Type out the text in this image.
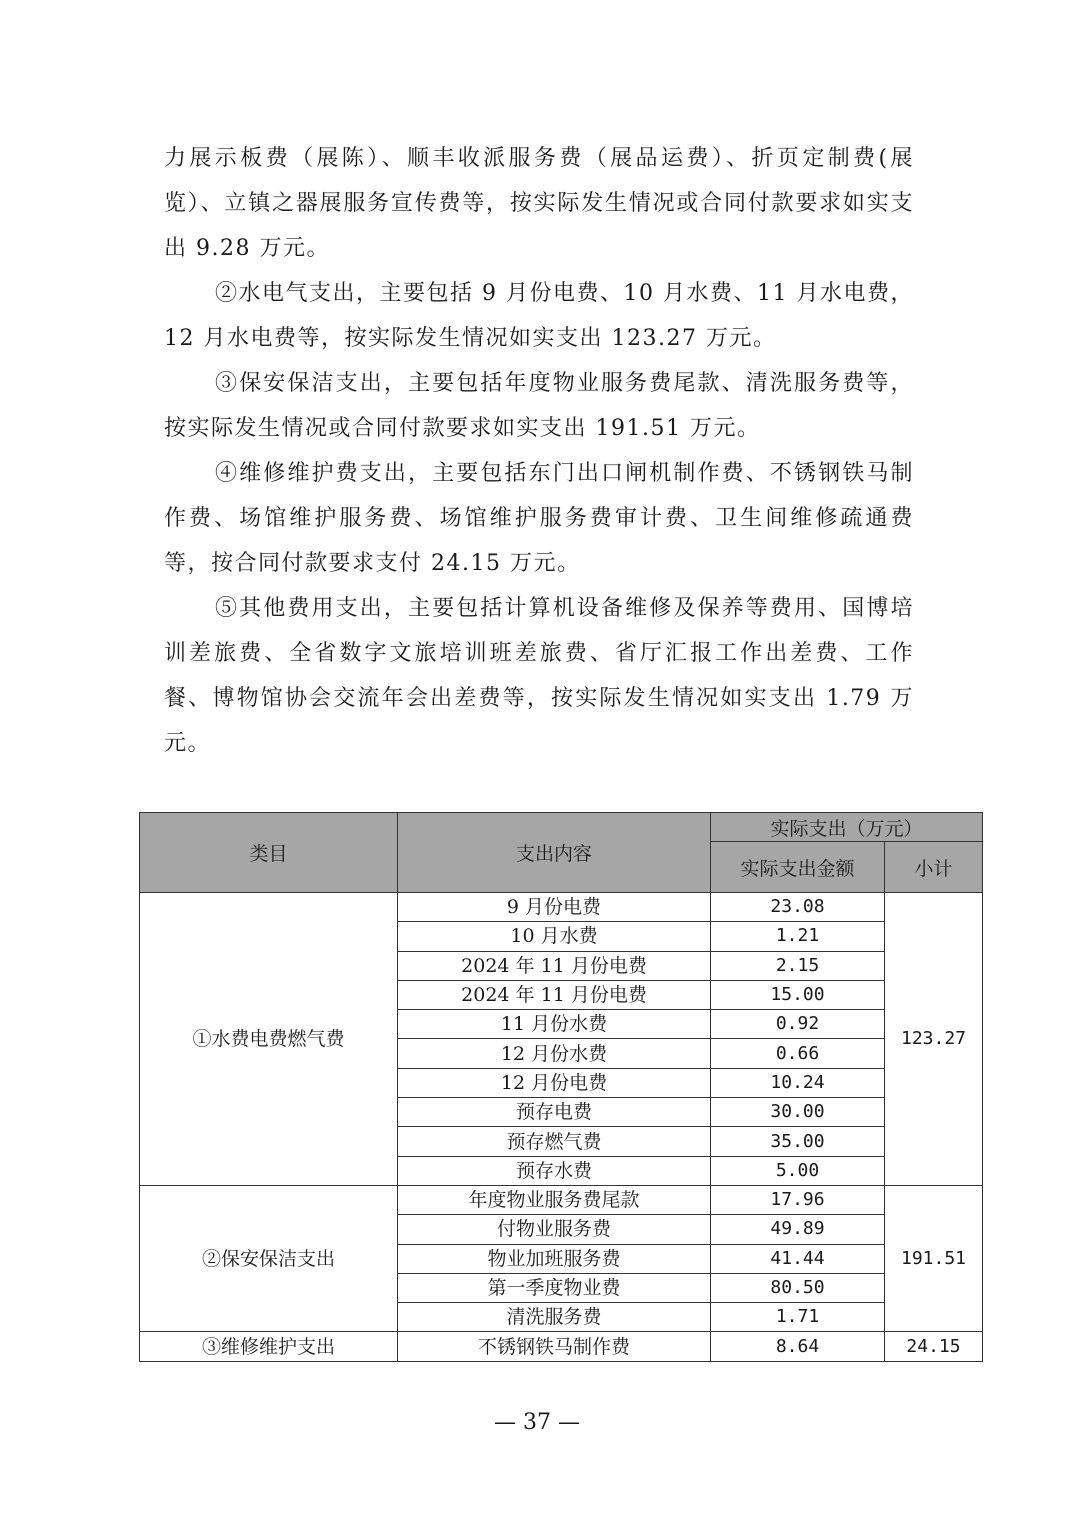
力展示板费（展陈）、顺丰收派服务费（展品运费）、折页定制费(展览）、立镇之器展服务宣传费等，按实际发生情况或合同付款要求如实支出 9.28 万元。

②水电气支出，主要包括 9 月份电费、10 月水费、11 月水电费，12 月水电费等，按实际发生情况如实支出 123.27 万元。

③保安保洁支出，主要包括年度物业服务费尾款、清洗服务费等，按实际发生情况或合同付款要求如实支出 191.51 万元。

④维修维护费支出，主要包括东门出口闸机制作费、不锈钢铁马制作费、场馆维护服务费、场馆维护服务费审计费、卫生间维修疏通费等，按合同付款要求支付 24.15 万元。

⑤其他费用支出，主要包括计算机设备维修及保养等费用、国博培训差旅费、全省数字文旅培训班差旅费、省厅汇报工作出差费、工作餐、博物馆协会交流年会出差费等，按实际发生情况如实支出 1.79 万元。

类目	支出内容	实际支出（万元）	
		实际支出金额	小计
①水费电费燃气费	9 月份电费	23.08	123.27
	10 月水费	1.21	
	2024 年 11 月份电费	2.15	
	2024 年 11 月份电费	15.00	
	11 月份水费	0.92	
	12 月份水费	0.66	
	12 月份电费	10.24	
	预存电费	30.00	
	预存燃气费	35.00	
	预存水费	5.00	
②保安保洁支出	年度物业服务费尾款	17.96	191.51
	付物业服务费	49.89	
	物业加班服务费	41.44	
	第一季度物业费	80.50	
	清洗服务费	1.71	
③维修维护支出	不锈钢铁马制作费	8.64	24.15
— 37 —
